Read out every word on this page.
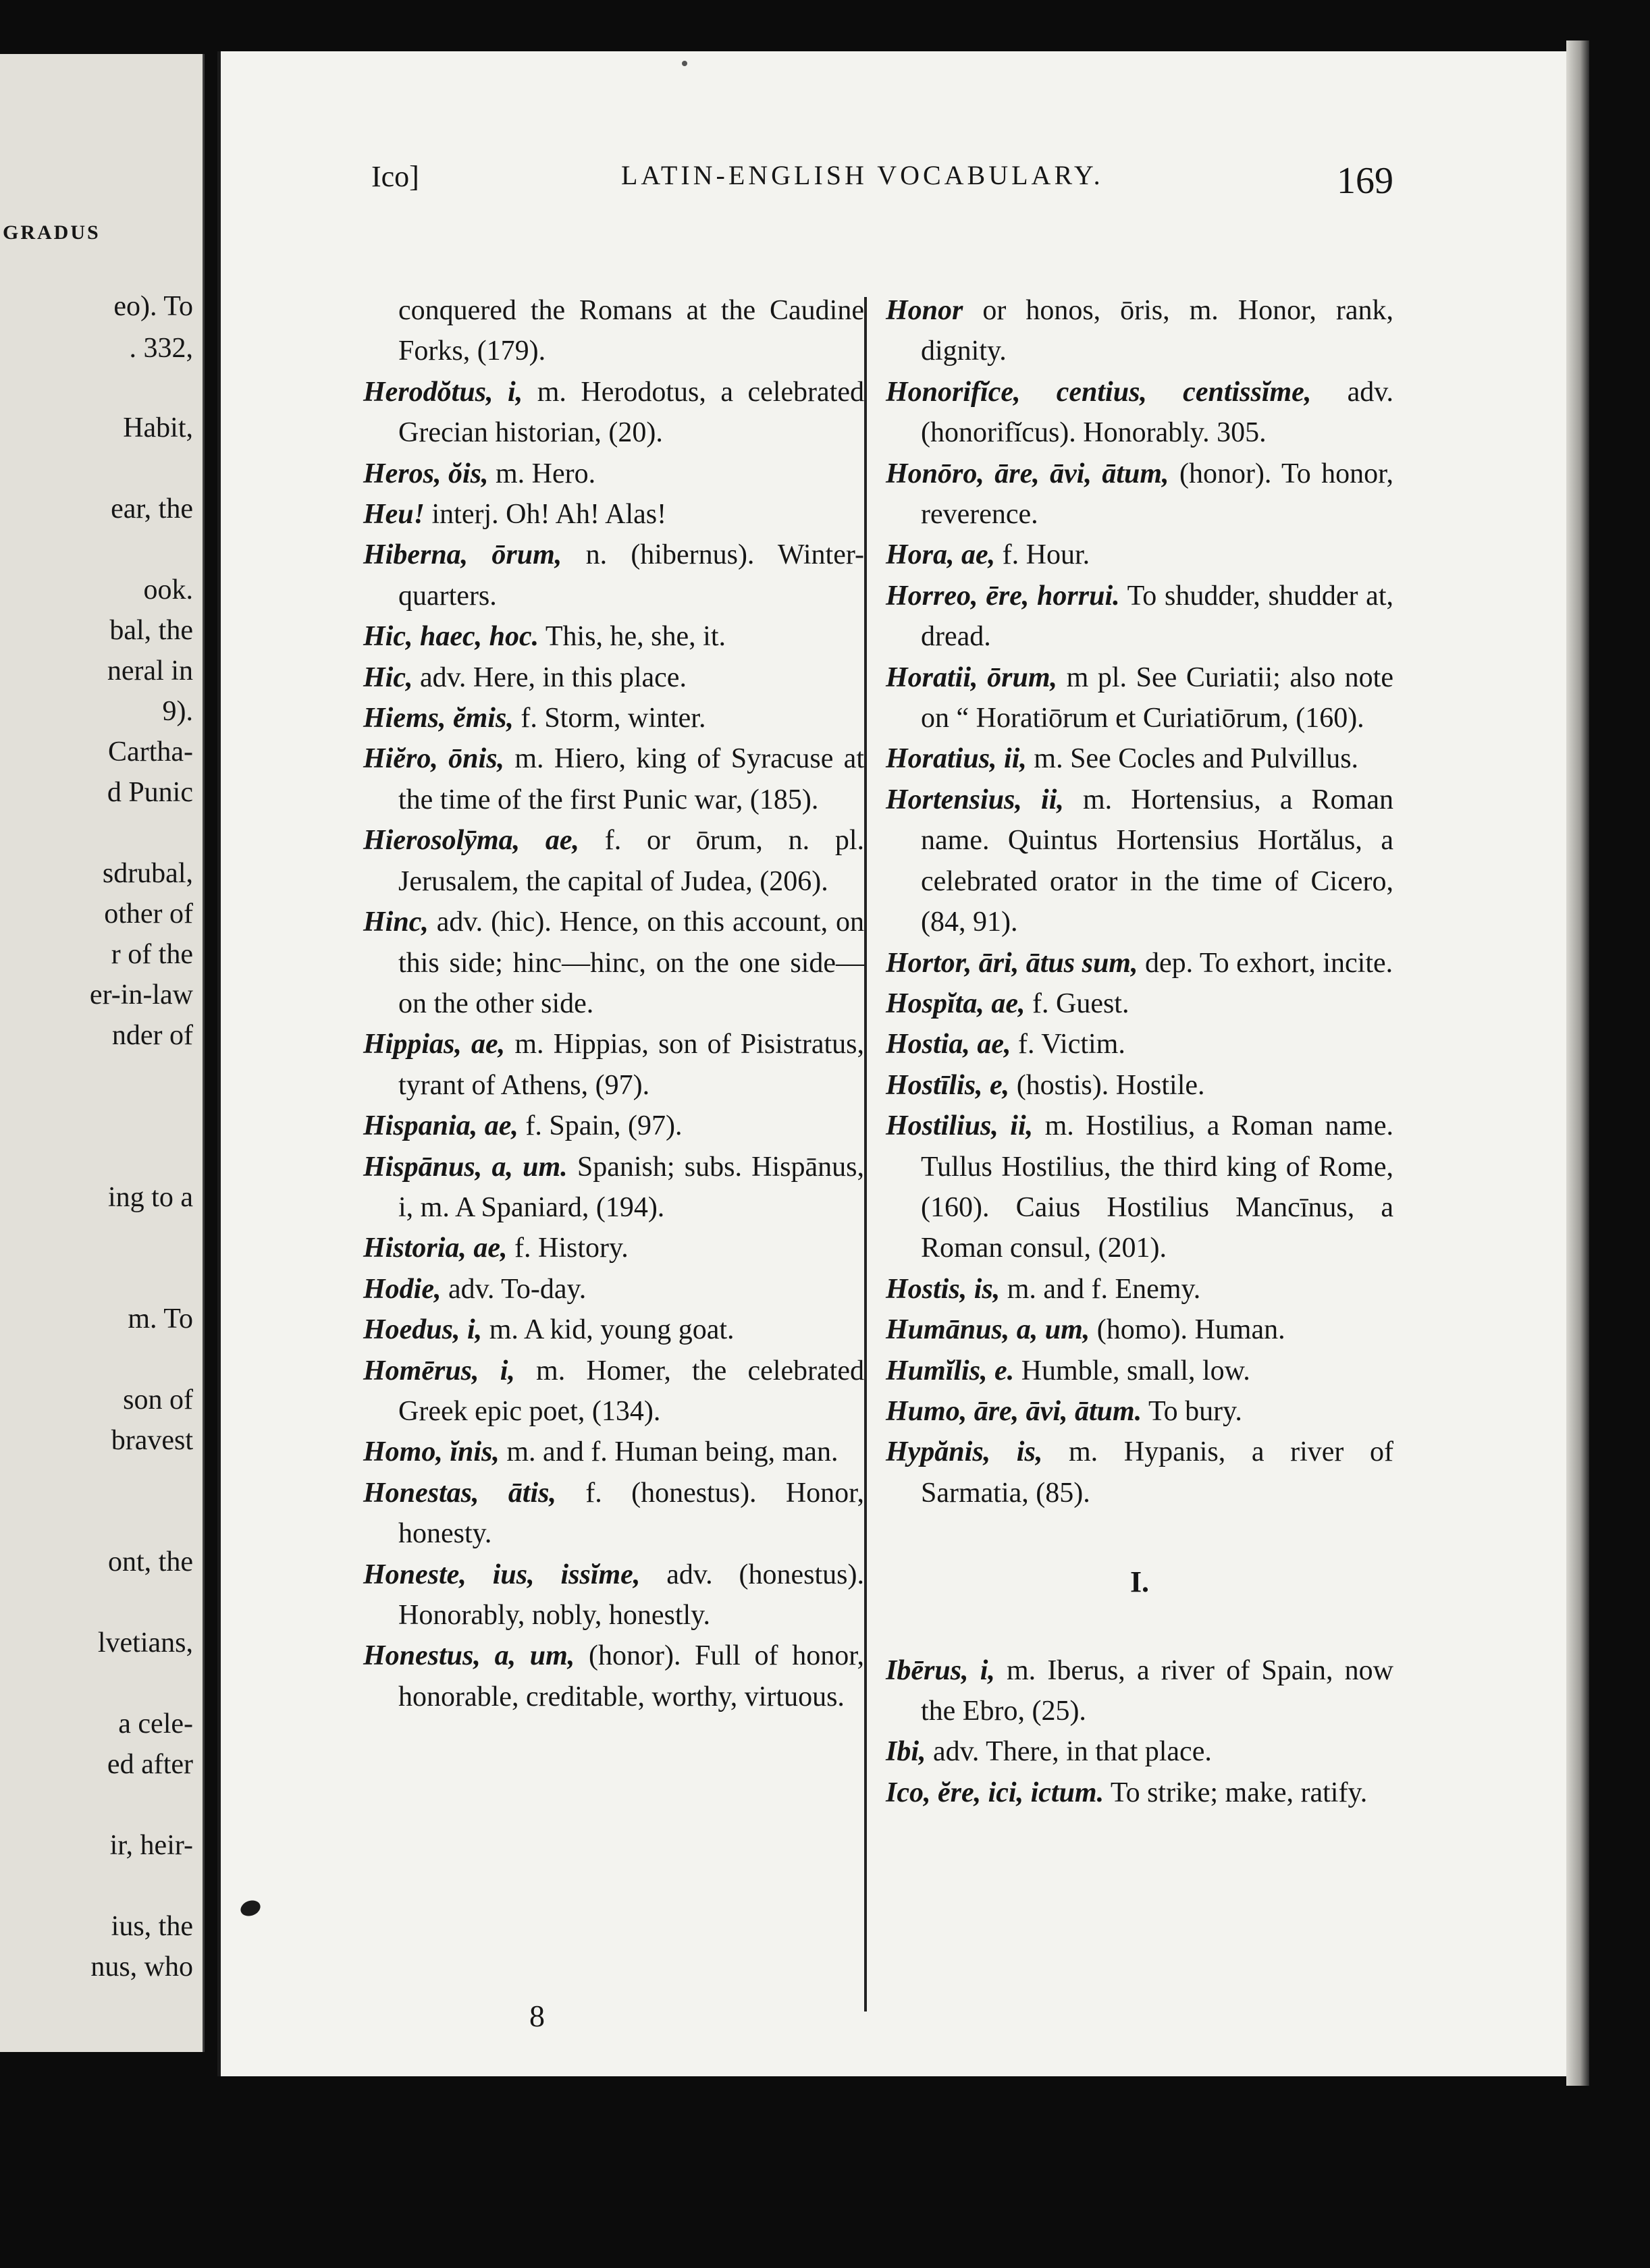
GRADUS
eo). To
. 332,
Habit,
ear, the
ook.
bal, the
neral in
9).
Cartha-
d Punic
sdrubal,
other of
r of the
er-in-law
nder of
ing to a
m. To
son of
bravest
ont, the
lvetians,
a cele-
ed after
ir, heir-
ius, the
nus, who
Ico]	LATIN-ENGLISH VOCABULARY.	169
conquered the Romans at the Caudine Forks, (179).
Herodŏtus, i, m. Herodotus, a celebrated Grecian historian, (20).
Heros, ŏis, m. Hero.
Heu! interj. Oh! Ah! Alas!
Hiberna, ōrum, n. (hibernus). Winter-quarters.
Hic, haec, hoc. This, he, she, it.
Hic, adv. Here, in this place.
Hiems, ĕmis, f. Storm, winter.
Hiĕro, ōnis, m. Hiero, king of Syracuse at the time of the first Punic war, (185).
Hierosolȳma, ae, f. or ōrum, n. pl. Jerusalem, the capital of Judea, (206).
Hinc, adv. (hic). Hence, on this account, on this side; hinc—hinc, on the one side—on the other side.
Hippias, ae, m. Hippias, son of Pisistratus, tyrant of Athens, (97).
Hispania, ae, f. Spain, (97).
Hispānus, a, um. Spanish; subs. Hispānus, i, m. A Spaniard, (194).
Historia, ae, f. History.
Hodie, adv. To-day.
Hoedus, i, m. A kid, young goat.
Homērus, i, m. Homer, the celebrated Greek epic poet, (134).
Homo, ĭnis, m. and f. Human being, man.
Honestas, ātis, f. (honestus). Honor, honesty.
Honeste, ius, issĭme, adv. (honestus). Honorably, nobly, honestly.
Honestus, a, um, (honor). Full of honor, honorable, creditable, worthy, virtuous.
Honor or honos, ōris, m. Honor, rank, dignity.
Honorifĭce, centius, centissĭme, adv. (honorifĭcus). Honorably. 305.
Honōro, āre, āvi, ātum, (honor). To honor, reverence.
Hora, ae, f. Hour.
Horreo, ēre, horrui. To shudder, shudder at, dread.
Horatii, ōrum, m pl. See Curiatii; also note on “ Horatiōrum et Curiatiōrum, (160).
Horatius, ii, m. See Cocles and Pulvillus.
Hortensius, ii, m. Hortensius, a Roman name. Quintus Hortensius Hortălus, a celebrated orator in the time of Cicero, (84, 91).
Hortor, āri, ātus sum, dep. To exhort, incite.
Hospĭta, ae, f. Guest.
Hostia, ae, f. Victim.
Hostīlis, e, (hostis). Hostile.
Hostilius, ii, m. Hostilius, a Roman name. Tullus Hostilius, the third king of Rome, (160). Caius Hostilius Mancīnus, a Roman consul, (201).
Hostis, is, m. and f. Enemy.
Humānus, a, um, (homo). Human.
Humĭlis, e. Humble, small, low.
Humo, āre, āvi, ātum. To bury.
Hypănis, is, m. Hypanis, a river of Sarmatia, (85).
I.
Ibērus, i, m. Iberus, a river of Spain, now the Ebro, (25).
Ibi, adv. There, in that place.
Ico, ĕre, ici, ictum. To strike; make, ratify.
8
